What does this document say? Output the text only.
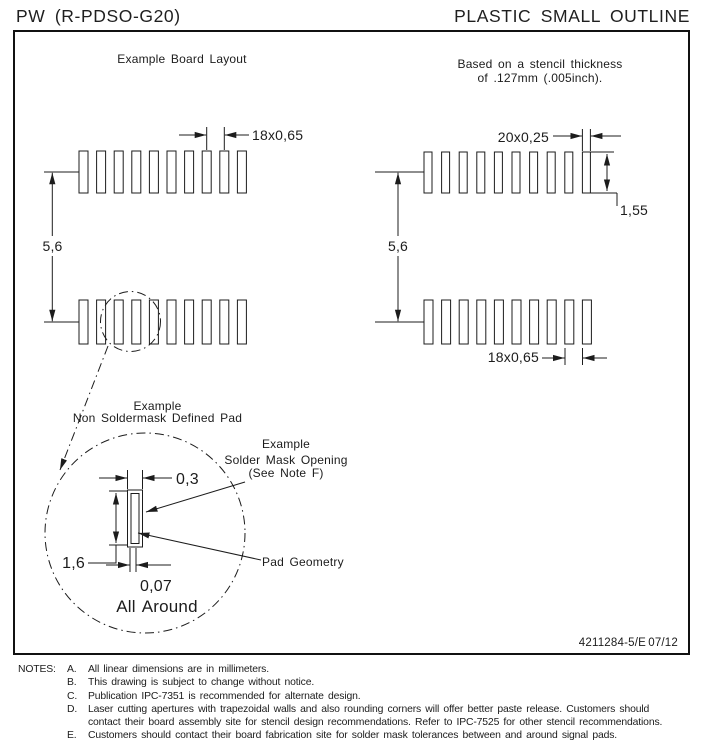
PW (R-PDSO-G20)	PLASTIC SMALL OUTLINE
Example Board Layout
18x0,65
5,6
Based on a stencil thickness
of .127mm (.005inch).
20x0,25
1,55
5,6
18x0,65
Example
Non Soldermask Defined Pad
0,3
1,6
0,07
All Around
Example
Solder Mask Opening
(See Note F)
Pad Geometry
4211284-5/E 07/12
NOTES: A. All linear dimensions are in millimeters.
B. This drawing is subject to change without notice.
C. Publication IPC-7351 is recommended for alternate design.
D. Laser cutting apertures with trapezoidal walls and also rounding corners will offer better paste release. Customers should
contact their board assembly site for stencil design recommendations. Refer to IPC-7525 for other stencil recommendations.
E. Customers should contact their board fabrication site for solder mask tolerances between and around signal pads.
